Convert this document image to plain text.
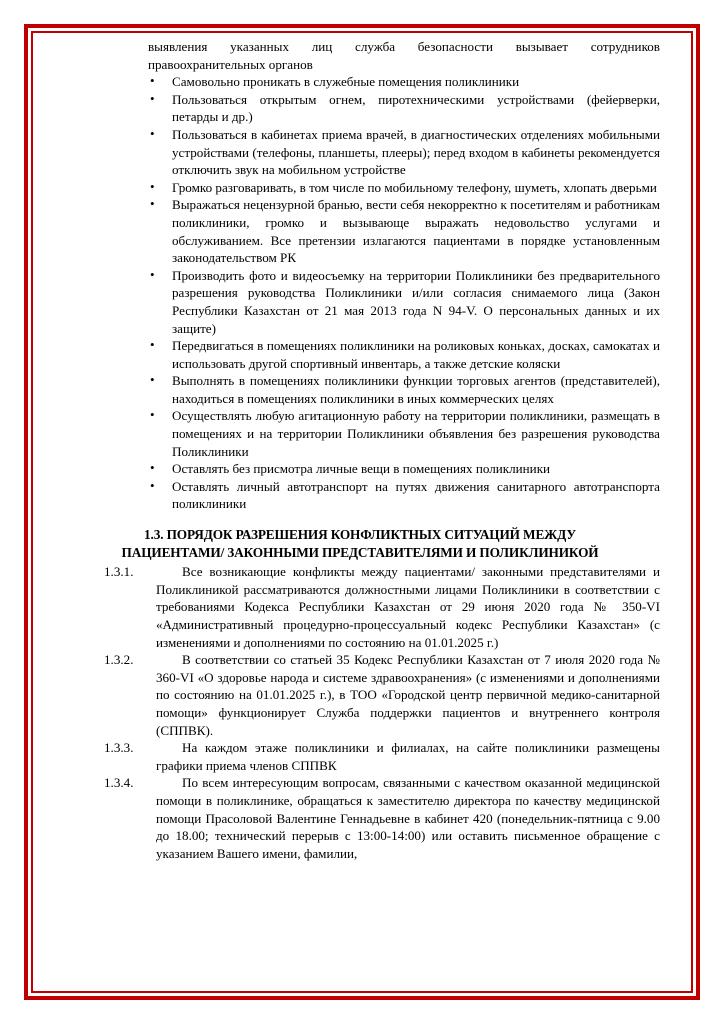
выявления указанных лиц служба безопасности вызывает сотрудников правоохранительных органов

• Самовольно проникать в служебные помещения поликлиники
• Пользоваться открытым огнем, пиротехническими устройствами (фейерверки, петарды и др.)
• Пользоваться в кабинетах приема врачей, в диагностических отделениях мобильными устройствами (телефоны, планшеты, плееры); перед входом в кабинеты рекомендуется отключить звук на мобильном устройстве
• Громко разговаривать, в том числе по мобильному телефону, шуметь, хлопать дверьми
• Выражаться нецензурной бранью, вести себя некорректно к посетителям и работникам поликлиники, громко и вызывающе выражать недовольство услугами и обслуживанием. Все претензии излагаются пациентами в порядке установленным законодательством РК
• Производить фото и видеосъемку на территории Поликлиники без предварительного разрешения руководства Поликлиники и/или согласия снимаемого лица (Закон Республики Казахстан от 21 мая 2013 года N 94-V. О персональных данных и их защите)
• Передвигаться в помещениях поликлиники на роликовых коньках, досках, самокатах и использовать другой спортивный инвентарь, а также детские коляски
• Выполнять в помещениях поликлиники функции торговых агентов (представителей), находиться в помещениях поликлиники в иных коммерческих целях
• Осуществлять любую агитационную работу на территории поликлиники, размещать в помещениях и на территории Поликлиники объявления без разрешения руководства Поликлиники
• Оставлять без присмотра личные вещи в помещениях поликлиники
• Оставлять личный автотранспорт на путях движения санитарного автотранспорта поликлиники
1.3. ПОРЯДОК РАЗРЕШЕНИЯ КОНФЛИКТНЫХ СИТУАЦИЙ МЕЖДУ
ПАЦИЕНТАМИ/ ЗАКОННЫМИ ПРЕДСТАВИТЕЛЯМИ И ПОЛИКЛИНИКОЙ
1.3.1.	Все возникающие конфликты между пациентами/ законными представителями и Поликлиникой рассматриваются должностными лицами Поликлиники в соответствии с требованиями Кодекса Республики Казахстан от 29 июня 2020 года № 350-VI «Административный процедурно-процессуальный кодекс Республики Казахстан» (с изменениями и дополнениями по состоянию на 01.01.2025 г.)
1.3.2.	В соответствии со статьей 35 Кодекс Республики Казахстан от 7 июля 2020 года № 360-VI «О здоровье народа и системе здравоохранения» (с изменениями и дополнениями по состоянию на 01.01.2025 г.), в ТОО «Городской центр первичной медико-санитарной помощи» функционирует Служба поддержки пациентов и внутреннего контроля (СППВК).
1.3.3.	На каждом этаже поликлиники и филиалах, на сайте поликлиники размещены графики приема членов СППВК
1.3.4.	По всем интересующим вопросам, связанными с качеством оказанной медицинской помощи в поликлинике, обращаться к заместителю директора по качеству медицинской помощи Прасоловой Валентине Геннадьевне в кабинет 420 (понедельник-пятница с 9.00 до 18.00; технический перерыв с 13:00-14:00) или оставить письменное обращение с указанием Вашего имени, фамилии,
